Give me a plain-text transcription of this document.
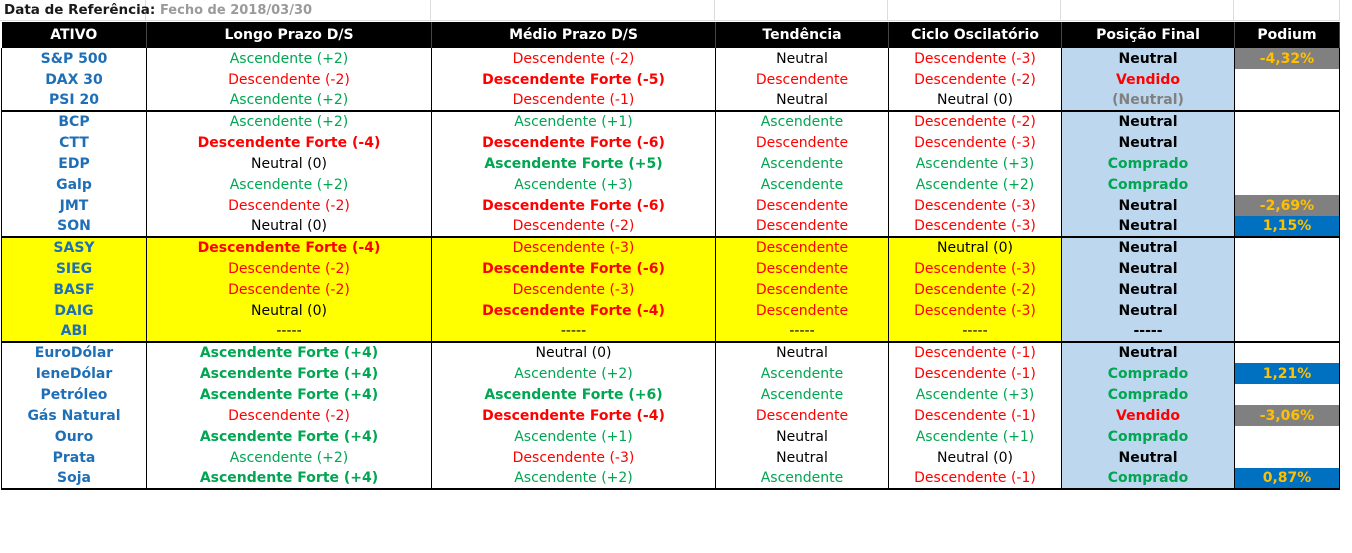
Data de Referência: Fecho de 2018/03/30
ATIVO	Longo Prazo D/S	Médio Prazo D/S	Tendência	Ciclo Oscilatório	Posição Final	Podium
S&P 500	Ascendente (+2)	Descendente (-2)	Neutral	Descendente (-3)	Neutral	-4,32%
DAX 30	Descendente (-2)	Descendente Forte (-5)	Descendente	Descendente (-2)	Vendido	
PSI 20	Ascendente (+2)	Descendente (-1)	Neutral	Neutral (0)	(Neutral)	
BCP	Ascendente (+2)	Ascendente (+1)	Ascendente	Descendente (-2)	Neutral	
CTT	Descendente Forte (-4)	Descendente Forte (-6)	Descendente	Descendente (-3)	Neutral	
EDP	Neutral (0)	Ascendente Forte (+5)	Ascendente	Ascendente (+3)	Comprado	
Galp	Ascendente (+2)	Ascendente (+3)	Ascendente	Ascendente (+2)	Comprado	
JMT	Descendente (-2)	Descendente Forte (-6)	Descendente	Descendente (-3)	Neutral	-2,69%
SON	Neutral (0)	Descendente (-2)	Descendente	Descendente (-3)	Neutral	1,15%
SASY	Descendente Forte (-4)	Descendente (-3)	Descendente	Neutral (0)	Neutral	
SIEG	Descendente (-2)	Descendente Forte (-6)	Descendente	Descendente (-3)	Neutral	
BASF	Descendente (-2)	Descendente (-3)	Descendente	Descendente (-2)	Neutral	
DAIG	Neutral (0)	Descendente Forte (-4)	Descendente	Descendente (-3)	Neutral	
ABI	-----	-----	-----	-----	-----	
EuroDólar	Ascendente Forte (+4)	Neutral (0)	Neutral	Descendente (-1)	Neutral	
IeneDólar	Ascendente Forte (+4)	Ascendente (+2)	Ascendente	Descendente (-1)	Comprado	1,21%
Petróleo	Ascendente Forte (+4)	Ascendente Forte (+6)	Ascendente	Ascendente (+3)	Comprado	
Gás Natural	Descendente (-2)	Descendente Forte (-4)	Descendente	Descendente (-1)	Vendido	-3,06%
Ouro	Ascendente Forte (+4)	Ascendente (+1)	Neutral	Ascendente (+1)	Comprado	
Prata	Ascendente (+2)	Descendente (-3)	Neutral	Neutral (0)	Neutral	
Soja	Ascendente Forte (+4)	Ascendente (+2)	Ascendente	Descendente (-1)	Comprado	0,87%
